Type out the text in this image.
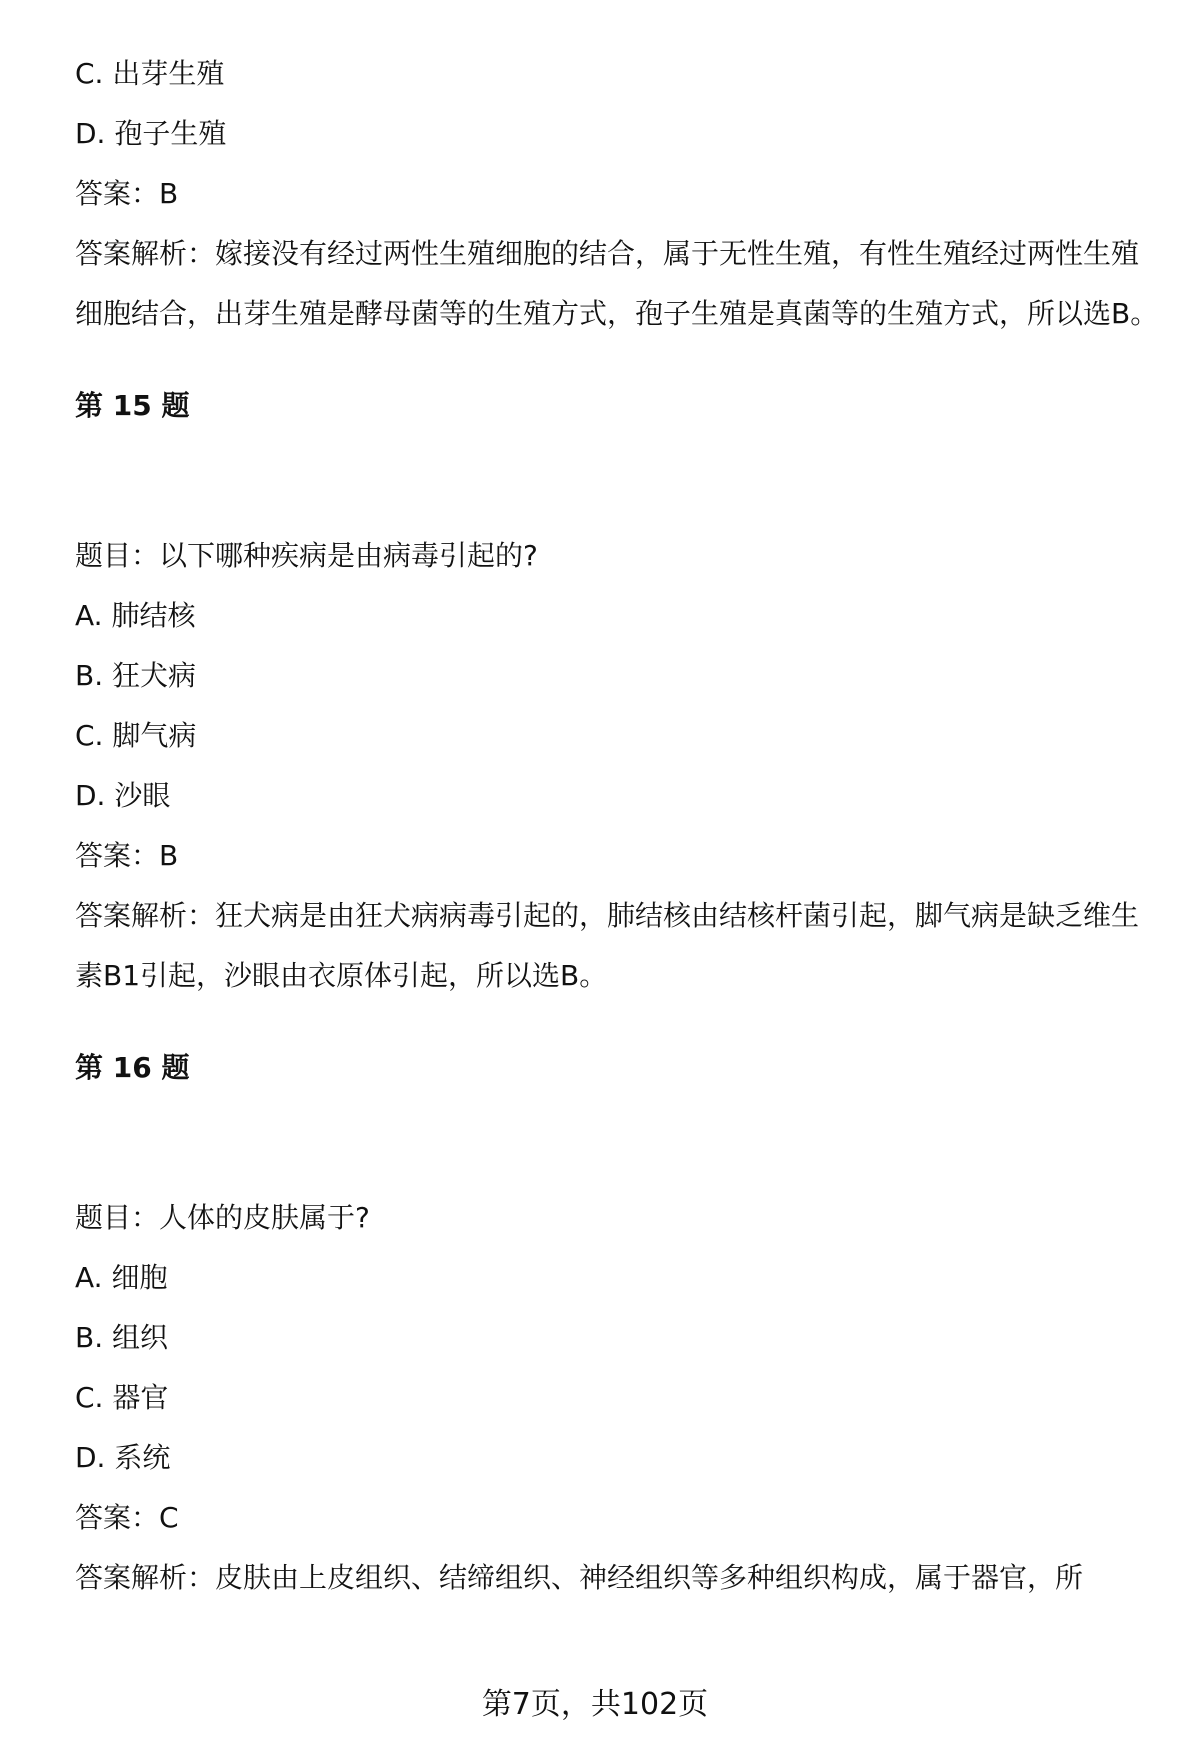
C. 出芽生殖
D. 孢子生殖
答案：B
答案解析：嫁接没有经过两性生殖细胞的结合，属于无性生殖，有性生殖经过两性生殖细胞结合，出芽生殖是酵母菌等的生殖方式，孢子生殖是真菌等的生殖方式，所以选B。
第 15 题
题目：以下哪种疾病是由病毒引起的?
A. 肺结核
B. 狂犬病
C. 脚气病
D. 沙眼
答案：B
答案解析：狂犬病是由狂犬病病毒引起的，肺结核由结核杆菌引起，脚气病是缺乏维生素B1引起，沙眼由衣原体引起，所以选B。
第 16 题
题目：人体的皮肤属于?
A. 细胞
B. 组织
C. 器官
D. 系统
答案：C
答案解析：皮肤由上皮组织、结缔组织、神经组织等多种组织构成，属于器官，所
第7页，共102页
